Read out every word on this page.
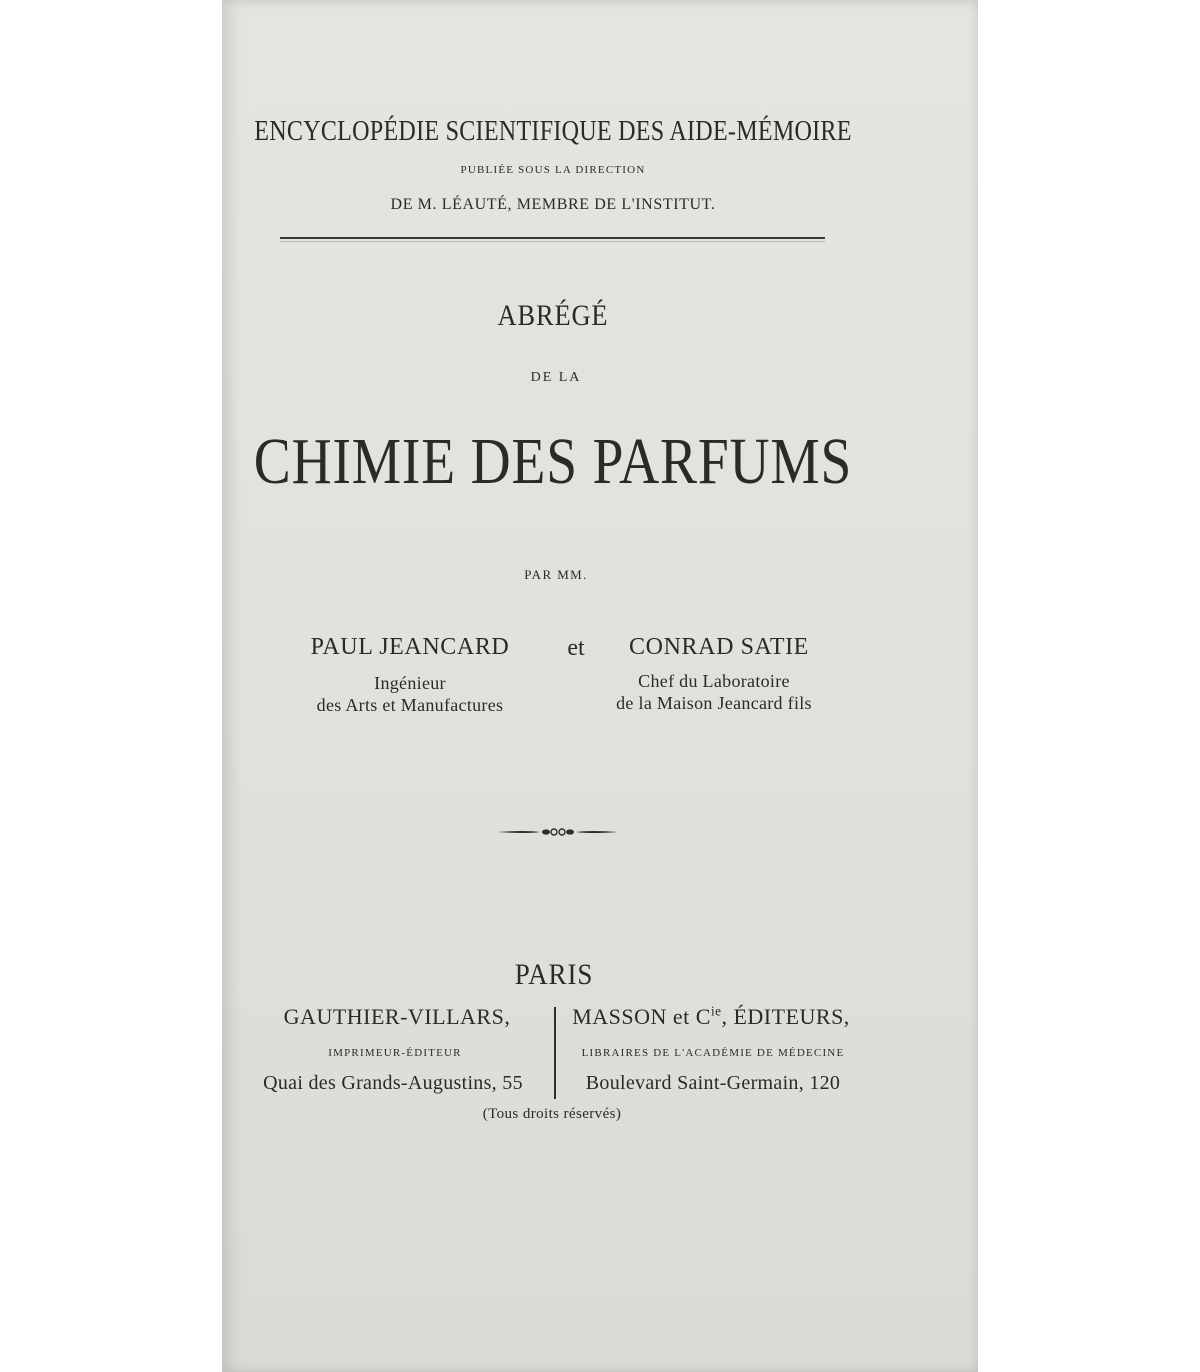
ENCYCLOPÉDIE SCIENTIFIQUE DES AIDE-MÉMOIRE
PUBLIÉE SOUS LA DIRECTION
DE M. LÉAUTÉ, MEMBRE DE L'INSTITUT.
ABRÉGÉ
DE LA
CHIMIE DES PARFUMS
PAR MM.
PAUL JEANCARD et CONRAD SATIE
Ingénieur
des Arts et Manufactures
Chef du Laboratoire
de la Maison Jeancard fils
PARIS
GAUTHIER-VILLARS,	MASSON et $C^{ie}$, ÉDITEURS,
IMPRIMEUR-ÉDITEUR	LIBRAIRES DE L'ACADÉMIE DE MÉDECINE
Quai des Grands-Augustins, 55	Boulevard Saint-Germain, 120
(Tous droits réservés)
